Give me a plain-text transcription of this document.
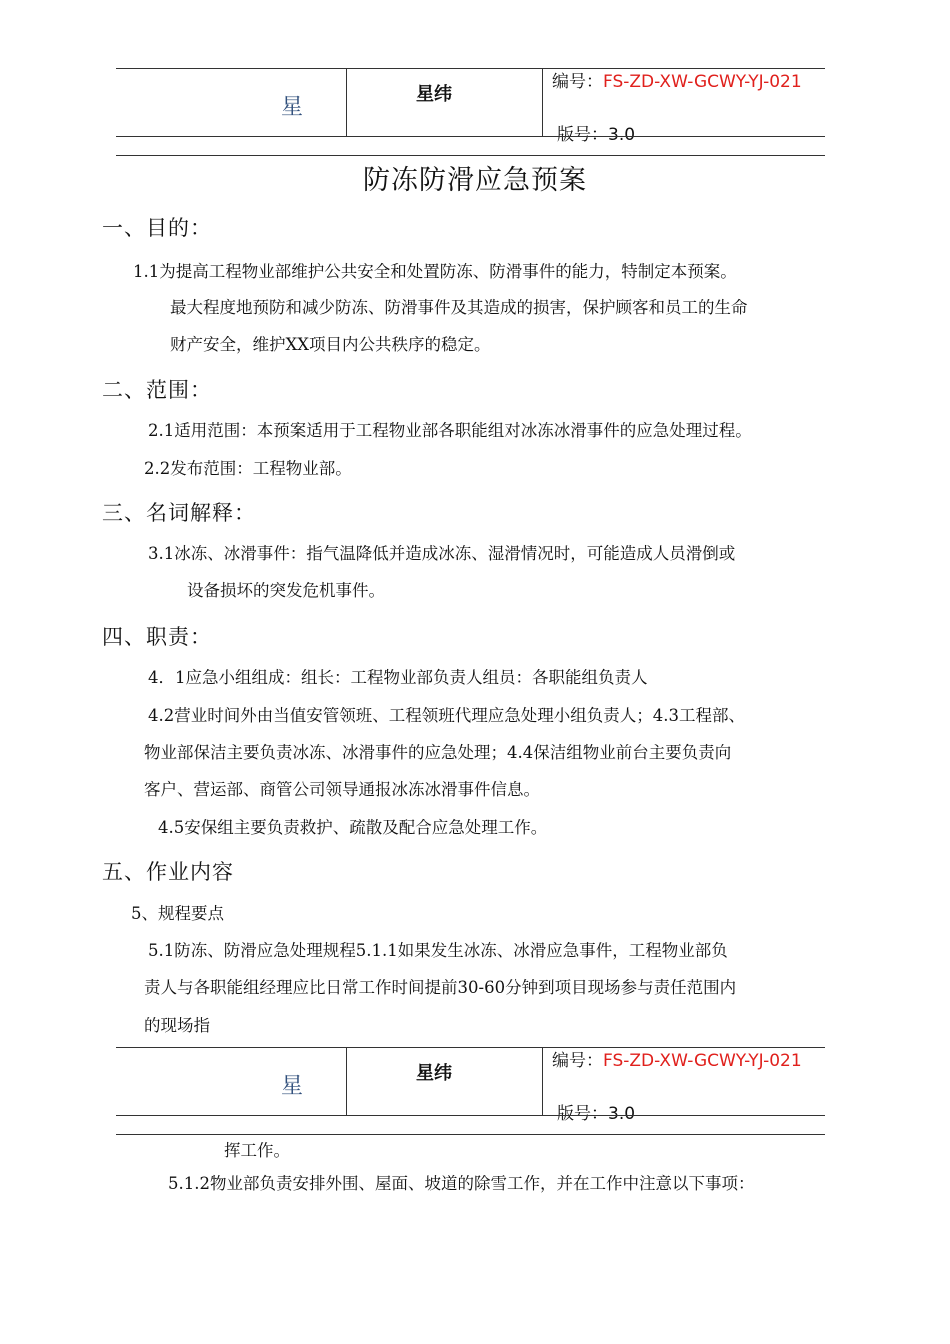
星
星纬
编号：FS-ZD-XW-GCWY-YJ-021
版号：3.0
防冻防滑应急预案
一、目的：
1.1为提高工程物业部维护公共安全和处置防冻、防滑事件的能力，特制定本预案。
最大程度地预防和减少防冻、防滑事件及其造成的损害，保护顾客和员工的生命
财产安全，维护XX项目内公共秩序的稳定。
二、范围：
2.1适用范围：本预案适用于工程物业部各职能组对冰冻冰滑事件的应急处理过程。
2.2发布范围：工程物业部。
三、名词解释：
3.1冰冻、冰滑事件：指气温降低并造成冰冻、湿滑情况时，可能造成人员滑倒或
设备损坏的突发危机事件。
四、职责：
4．1应急小组组成：组长：工程物业部负责人组员：各职能组负责人
4.2营业时间外由当值安管领班、工程领班代理应急处理小组负责人；4.3工程部、
物业部保洁主要负责冰冻、冰滑事件的应急处理；4.4保洁组物业前台主要负责向
客户、营运部、商管公司领导通报冰冻冰滑事件信息。
4.5安保组主要负责救护、疏散及配合应急处理工作。
五、作业内容
5、规程要点
5.1防冻、防滑应急处理规程5.1.1如果发生冰冻、冰滑应急事件，工程物业部负
责人与各职能组经理应比日常工作时间提前30-60分钟到项目现场参与责任范围内
的现场指
星
星纬
编号：FS-ZD-XW-GCWY-YJ-021
版号：3.0
挥工作。
5.1.2物业部负责安排外围、屋面、坡道的除雪工作，并在工作中注意以下事项：
